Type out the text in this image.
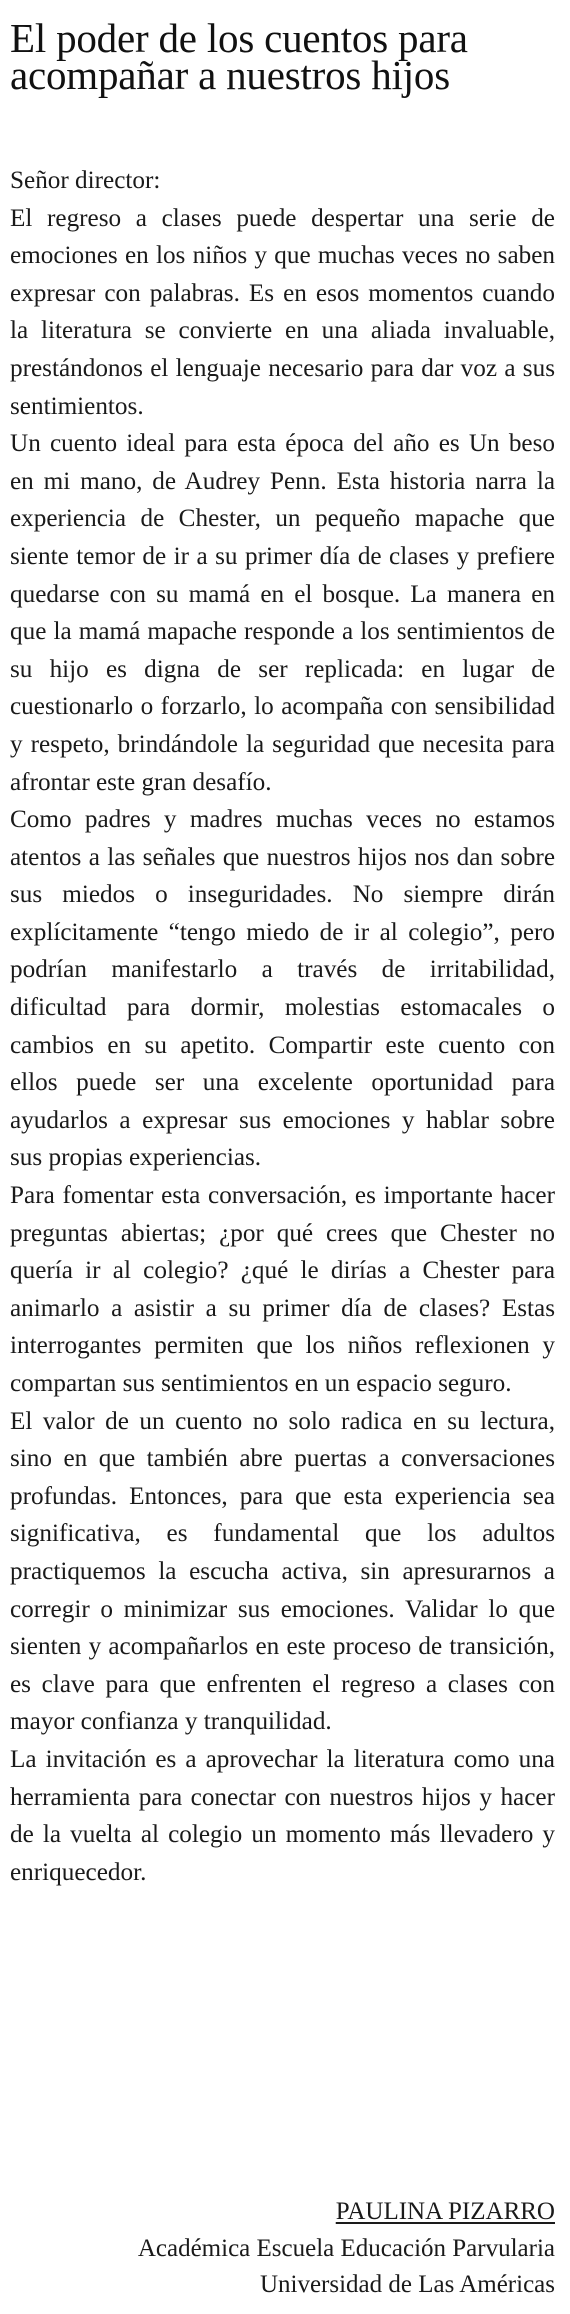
El poder de los cuentos para acompañar a nuestros hijos

Señor director:

El regreso a clases puede despertar una serie de emociones en los niños y que muchas veces no saben expresar con palabras. Es en esos momentos cuando la literatura se convierte en una aliada invaluable, prestándonos el lenguaje necesario para dar voz a sus sentimientos.

Un cuento ideal para esta época del año es Un beso en mi mano, de Audrey Penn. Esta historia narra la experiencia de Chester, un pequeño mapache que siente temor de ir a su primer día de clases y prefiere quedarse con su mamá en el bosque. La manera en que la mamá mapache responde a los sentimientos de su hijo es digna de ser replicada: en lugar de cuestionarlo o forzarlo, lo acompaña con sensibilidad y respeto, brindándole la seguridad que necesita para afrontar este gran desafío.

Como padres y madres muchas veces no estamos atentos a las señales que nuestros hijos nos dan sobre sus miedos o inseguridades. No siempre dirán explícitamente “tengo miedo de ir al colegio”, pero podrían manifestarlo a través de irritabilidad, dificultad para dormir, molestias estomacales o cambios en su apetito. Compartir este cuento con ellos puede ser una excelente oportunidad para ayudarlos a expresar sus emociones y hablar sobre sus propias experiencias.

Para fomentar esta conversación, es importante hacer preguntas abiertas; ¿por qué crees que Chester no quería ir al colegio? ¿qué le dirías a Chester para animarlo a asistir a su primer día de clases? Estas interrogantes permiten que los niños reflexionen y compartan sus sentimientos en un espacio seguro.

El valor de un cuento no solo radica en su lectura, sino en que también abre puertas a conversaciones profundas. Entonces, para que esta experiencia sea significativa, es fundamental que los adultos practiquemos la escucha activa, sin apresurarnos a corregir o minimizar sus emociones. Validar lo que sienten y acompañarlos en este proceso de transición, es clave para que enfrenten el regreso a clases con mayor confianza y tranquilidad.

La invitación es a aprovechar la literatura como una herramienta para conectar con nuestros hijos y hacer de la vuelta al colegio un momento más llevadero y enriquecedor.

PAULINA PIZARRO
Académica Escuela Educación Parvularia
Universidad de Las Américas
